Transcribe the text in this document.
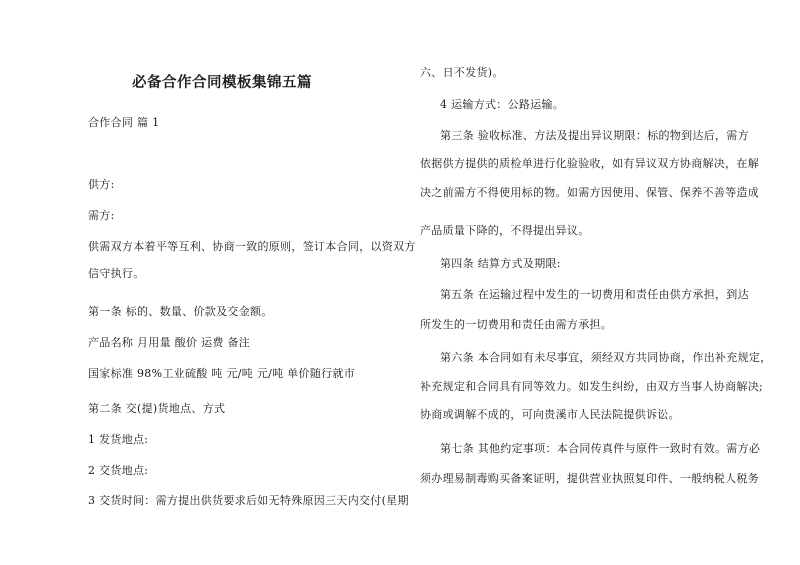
必备合作合同模板集锦五篇
合作合同 篇 1
供方:
需方:
供需双方本着平等互利、协商一致的原则，签订本合同，以资双方
信守执行。
第一条 标的、数量、价款及交金额。
产品名称 月用量 酸价 运费 备注
国家标准 98%工业硫酸 吨 元/吨 元/吨 单价随行就市
第二条 交(提)货地点、方式
1 发货地点:
2 交货地点:
3 交货时间：需方提出供货要求后如无特殊原因三天内交付(星期
六、日不发货)。
4 运输方式：公路运输。
第三条 验收标准、方法及提出异议期限：标的物到达后，需方
依据供方提供的质检单进行化验验收，如有异议双方协商解决，在解
决之前需方不得使用标的物。如需方因使用、保管、保养不善等造成
产品质量下降的，不得提出异议。
第四条 结算方式及期限:
第五条 在运输过程中发生的一切费用和责任由供方承担，到达
所发生的一切费用和责任由需方承担。
第六条 本合同如有未尽事宜，须经双方共同协商，作出补充规定，
补充规定和合同具有同等效力。如发生纠纷，由双方当事人协商解决;
协商或调解不成的，可向贵溪市人民法院提供诉讼。
第七条 其他约定事项：本合同传真件与原件一致时有效。需方必
须办理易制毒购买备案证明，提供营业执照复印件、一般纳税人税务
